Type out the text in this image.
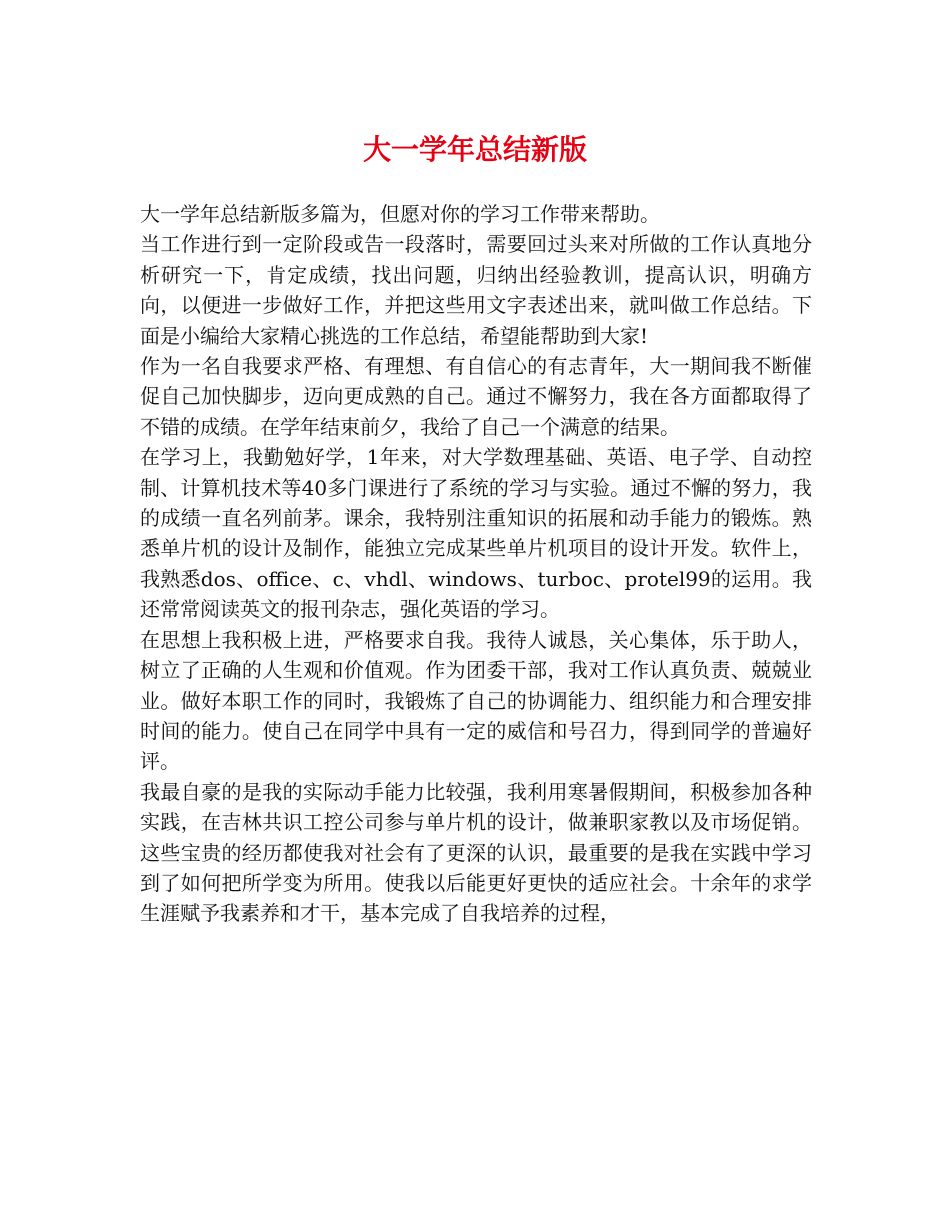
大一学年总结新版

大一学年总结新版多篇为，但愿对你的学习工作带来帮助。

当工作进行到一定阶段或告一段落时，需要回过头来对所做的工作认真地分析研究一下，肯定成绩，找出问题，归纳出经验教训，提高认识，明确方向，以便进一步做好工作，并把这些用文字表述出来，就叫做工作总结。下面是小编给大家精心挑选的工作总结，希望能帮助到大家!

作为一名自我要求严格、有理想、有自信心的有志青年，大一期间我不断催促自己加快脚步，迈向更成熟的自己。通过不懈努力，我在各方面都取得了不错的成绩。在学年结束前夕，我给了自己一个满意的结果。

在学习上，我勤勉好学，1年来，对大学数理基础、英语、电子学、自动控制、计算机技术等40多门课进行了系统的学习与实验。通过不懈的努力，我的成绩一直名列前茅。课余，我特别注重知识的拓展和动手能力的锻炼。熟悉单片机的设计及制作，能独立完成某些单片机项目的设计开发。软件上，我熟悉dos、office、c、vhdl、windows、turboc、protel99的运用。我还常常阅读英文的报刊杂志，强化英语的学习。

在思想上我积极上进，严格要求自我。我待人诚恳，关心集体，乐于助人，树立了正确的人生观和价值观。作为团委干部，我对工作认真负责、兢兢业业。做好本职工作的同时，我锻炼了自己的协调能力、组织能力和合理安排时间的能力。使自己在同学中具有一定的威信和号召力，得到同学的普遍好评。

我最自豪的是我的实际动手能力比较强，我利用寒暑假期间，积极参加各种实践，在吉林共识工控公司参与单片机的设计，做兼职家教以及市场促销。这些宝贵的经历都使我对社会有了更深的认识，最重要的是我在实践中学习到了如何把所学变为所用。使我以后能更好更快的适应社会。十余年的求学生涯赋予我素养和才干，基本完成了自我培养的过程，
